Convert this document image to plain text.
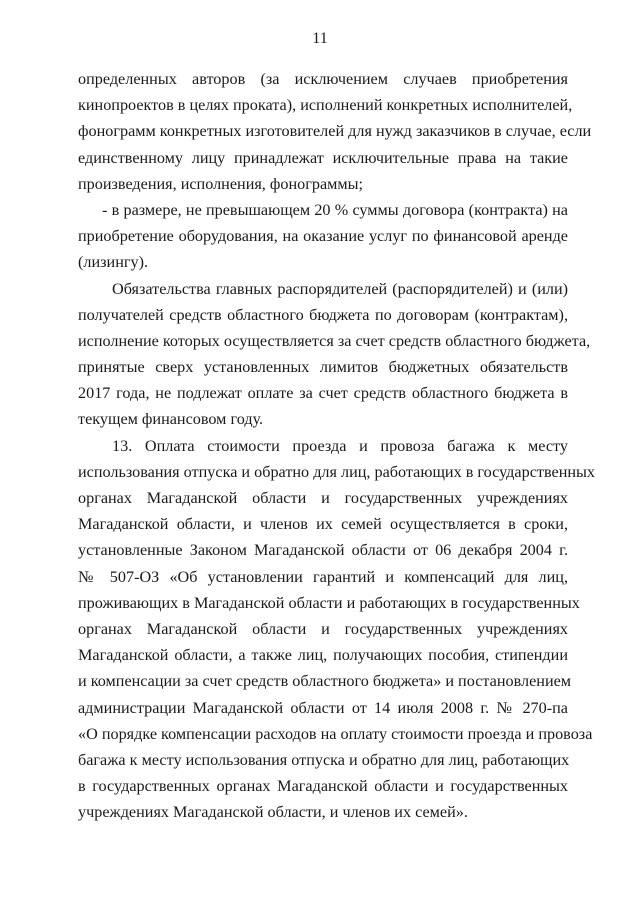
11
определенных авторов (за исключением случаев приобретения
кинопроектов в целях проката), исполнений конкретных исполнителей,
фонограмм конкретных изготовителей для нужд заказчиков в случае, если
единственному лицу принадлежат исключительные права на такие
произведения, исполнения, фонограммы;
- в размере, не превышающем 20 % суммы договора (контракта) на
приобретение оборудования, на оказание услуг по финансовой аренде
(лизингу).
Обязательства главных распорядителей (распорядителей) и (или)
получателей средств областного бюджета по договорам (контрактам),
исполнение которых осуществляется за счет средств областного бюджета,
принятые сверх установленных лимитов бюджетных обязательств
2017 года, не подлежат оплате за счет средств областного бюджета в
текущем финансовом году.
13. Оплата стоимости проезда и провоза багажа к месту
использования отпуска и обратно для лиц, работающих в государственных
органах Магаданской области и государственных учреждениях
Магаданской области, и членов их семей осуществляется в сроки,
установленные Законом Магаданской области от 06 декабря 2004 г.
№ 507-ОЗ «Об установлении гарантий и компенсаций для лиц,
проживающих в Магаданской области и работающих в государственных
органах Магаданской области и государственных учреждениях
Магаданской области, а также лиц, получающих пособия, стипендии
и компенсации за счет средств областного бюджета» и постановлением
администрации Магаданской области от 14 июля 2008 г. № 270-па
«О порядке компенсации расходов на оплату стоимости проезда и провоза
багажа к месту использования отпуска и обратно для лиц, работающих
в государственных органах Магаданской области и государственных
учреждениях Магаданской области, и членов их семей».
